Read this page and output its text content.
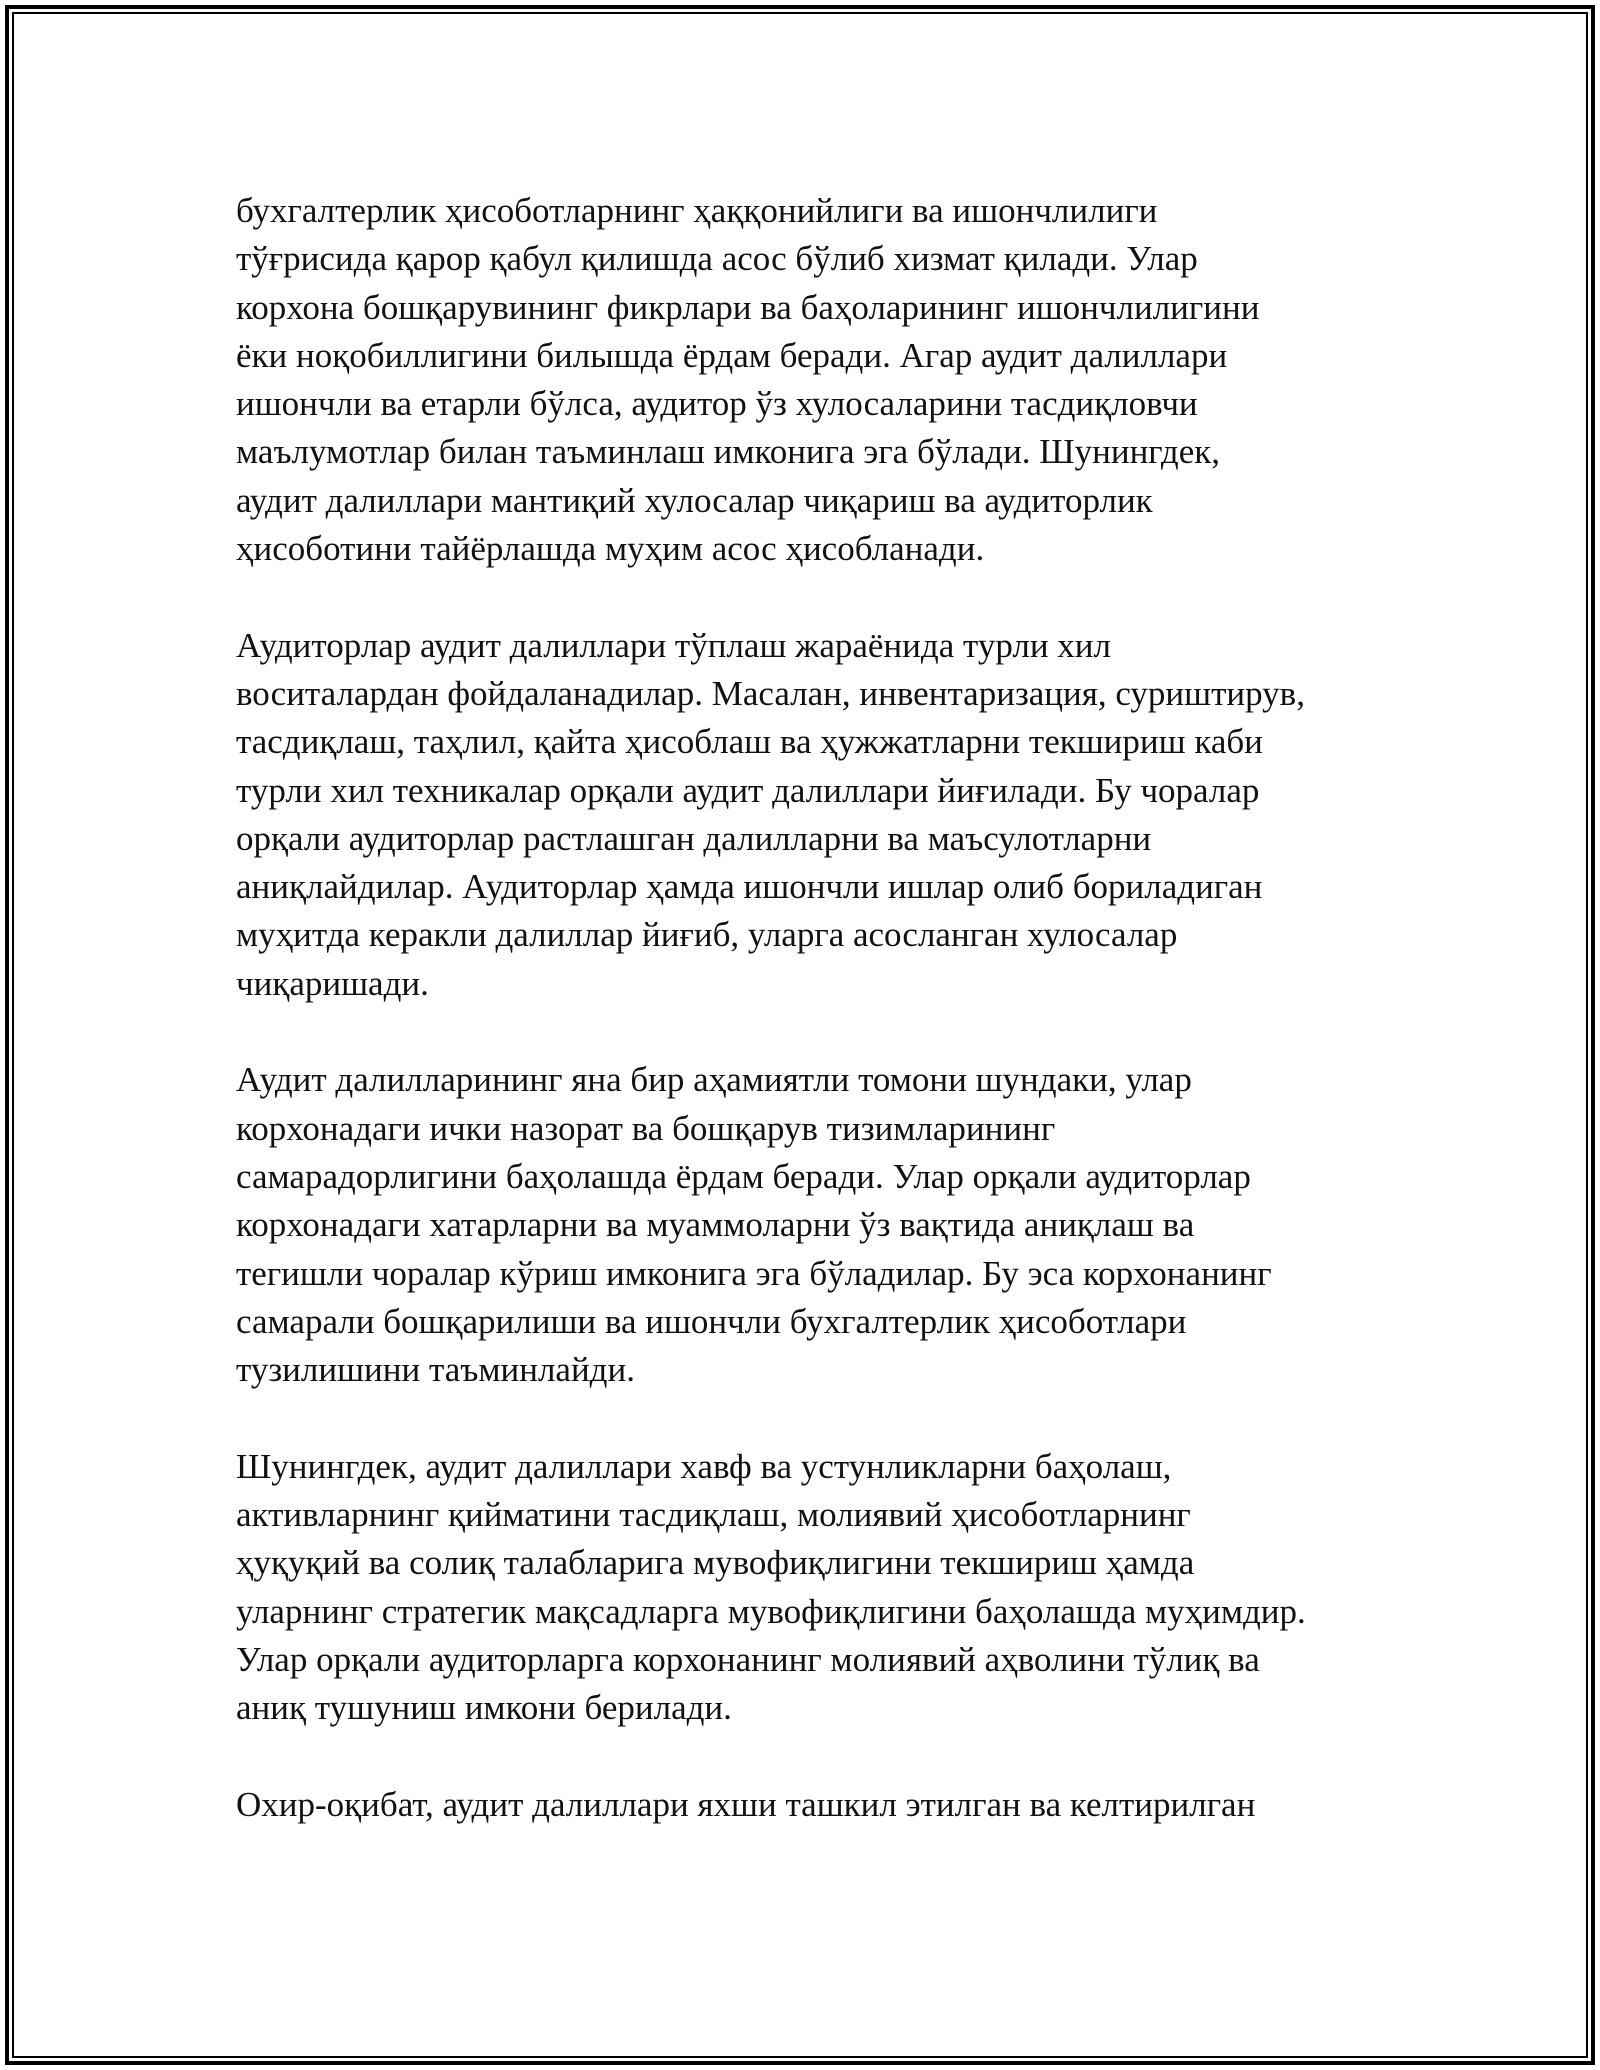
бухгалтерлик ҳисоботларнинг ҳаққонийлиги ва ишончлилиги
тўғрисида қарор қабул қилишда асос бўлиб хизмат қилади. Улар
корхона бошқарувининг фикрлари ва баҳоларининг ишончлилигини
ёки ноқобиллигини билышда ёрдам беради. Агар аудит далиллари
ишончли ва етарли бўлса, аудитор ўз хулосаларини тасдиқловчи
маълумотлар билан таъминлаш имконига эга бўлади. Шунингдек,
аудит далиллари мантиқий хулосалар чиқариш ва аудиторлик
ҳисоботини тайёрлашда муҳим асос ҳисобланади.
Аудиторлар аудит далиллари тўплаш жараёнида турли хил
воситалардан фойдаланадилар. Масалан, инвентаризация, суриштирув,
тасдиқлаш, таҳлил, қайта ҳисоблаш ва ҳужжатларни текшириш каби
турли хил техникалар орқали аудит далиллари йиғилади. Бу чоралар
орқали аудиторлар растлашган далилларни ва маъсулотларни
аниқлайдилар. Аудиторлар ҳамда ишончли ишлар олиб бориладиган
муҳитда керакли далиллар йиғиб, уларга асосланган хулосалар
чиқаришади.
Аудит далилларининг яна бир аҳамиятли томони шундаки, улар
корхонадаги ички назорат ва бошқарув тизимларининг
самарадорлигини баҳолашда ёрдам беради. Улар орқали аудиторлар
корхонадаги хатарларни ва муаммоларни ўз вақтида аниқлаш ва
тегишли чоралар кўриш имконига эга бўладилар. Бу эса корхонанинг
самарали бошқарилиши ва ишончли бухгалтерлик ҳисоботлари
тузилишини таъминлайди.
Шунингдек, аудит далиллари хавф ва устунликларни баҳолаш,
активларнинг қийматини тасдиқлаш, молиявий ҳисоботларнинг
ҳуқуқий ва солиқ талабларига мувофиқлигини текшириш ҳамда
уларнинг стратегик мақсадларга мувофиқлигини баҳолашда муҳимдир.
Улар орқали аудиторларга корхонанинг молиявий аҳволини тўлиқ ва
аниқ тушуниш имкони берилади.
Охир-оқибат, аудит далиллари яхши ташкил этилган ва келтирилган
